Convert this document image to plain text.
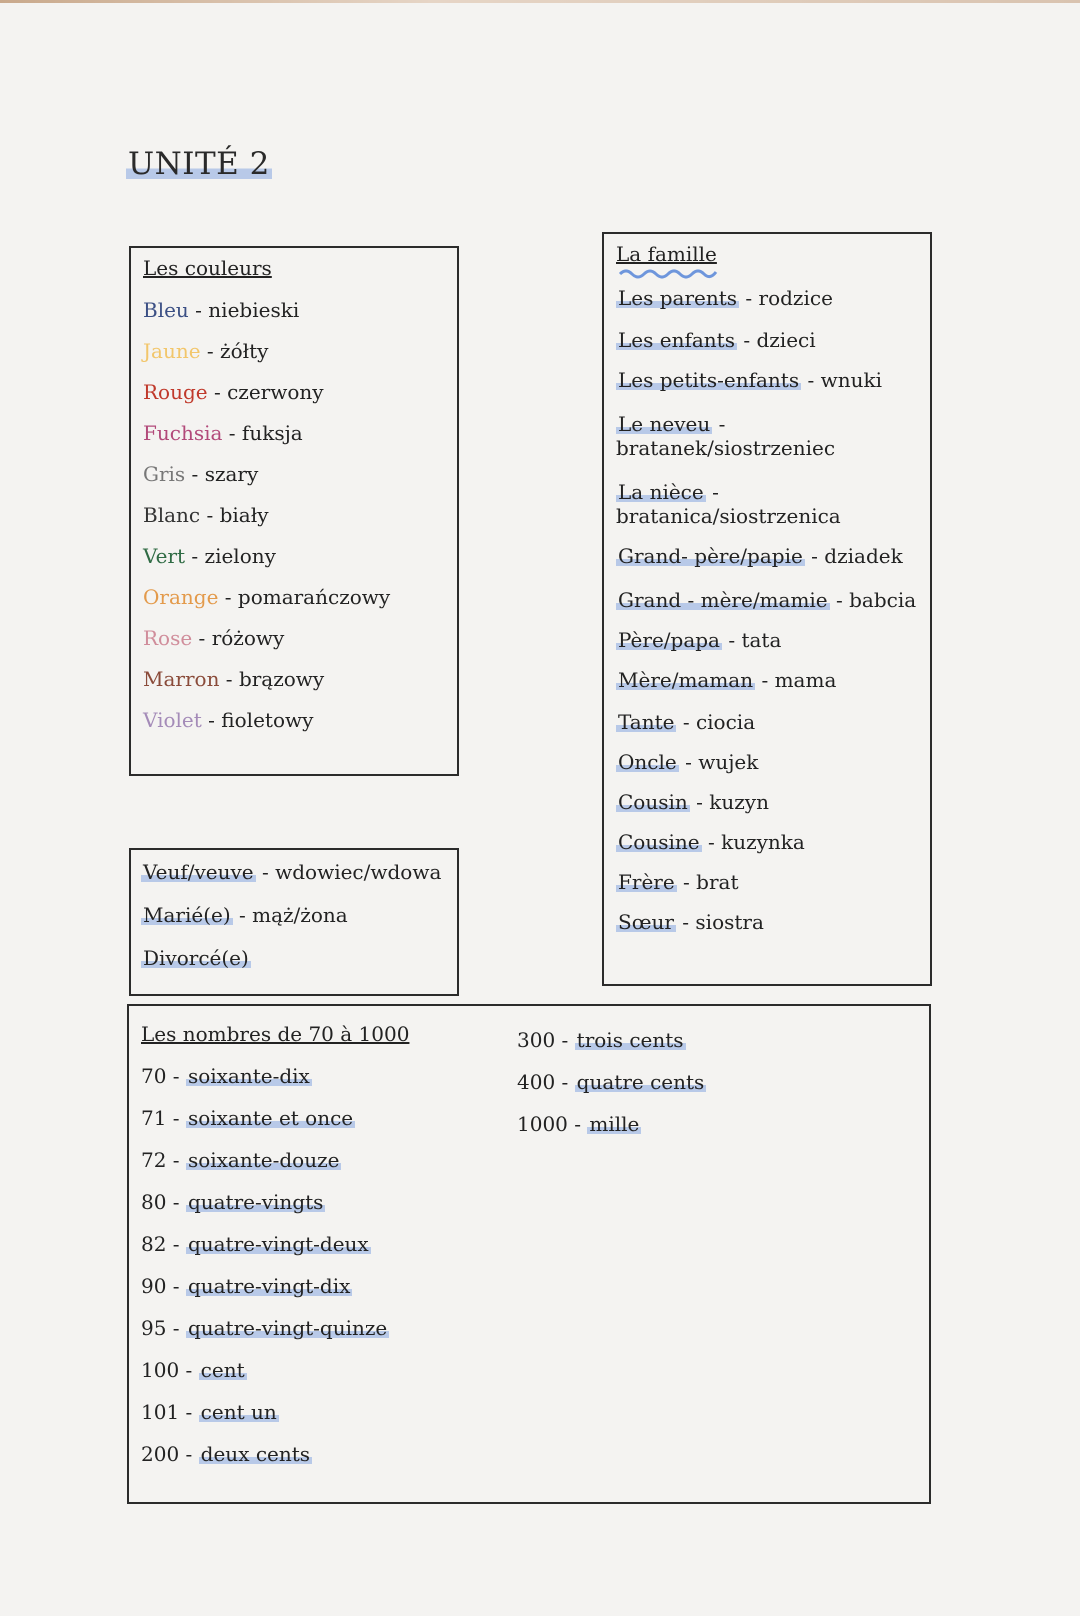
UNITÉ 2
Les couleurs
Bleu - niebieski
Jaune - żółty
Rouge - czerwony
Fuchsia - fuksja
Gris - szary
Blanc - biały
Vert - zielony
Orange - pomarańczowy
Rose - różowy
Marron - brązowy
Violet - fioletowy
La famille
Les parents - rodzice
Les enfants - dzieci
Les petits-enfants - wnuki
Le neveu -
bratanek/siostrzeniec
La nièce -
bratanica/siostrzenica
Grand- père/papie - dziadek
Grand - mère/mamie - babcia
Père/papa - tata
Mère/maman - mama
Tante - ciocia
Oncle - wujek
Cousin - kuzyn
Cousine - kuzynka
Frère - brat
Sœur - siostra
Veuf/veuve - wdowiec/wdowa
Marié(e) - mąż/żona
Divorcé(e)
Les nombres de 70 à 1000
70 - soixante-dix
71 - soixante et once
72 - soixante-douze
80 - quatre-vingts
82 - quatre-vingt-deux
90 - quatre-vingt-dix
95 - quatre-vingt-quinze
100 - cent
101 - cent un
200 - deux cents
300 - trois cents
400 - quatre cents
1000 - mille
